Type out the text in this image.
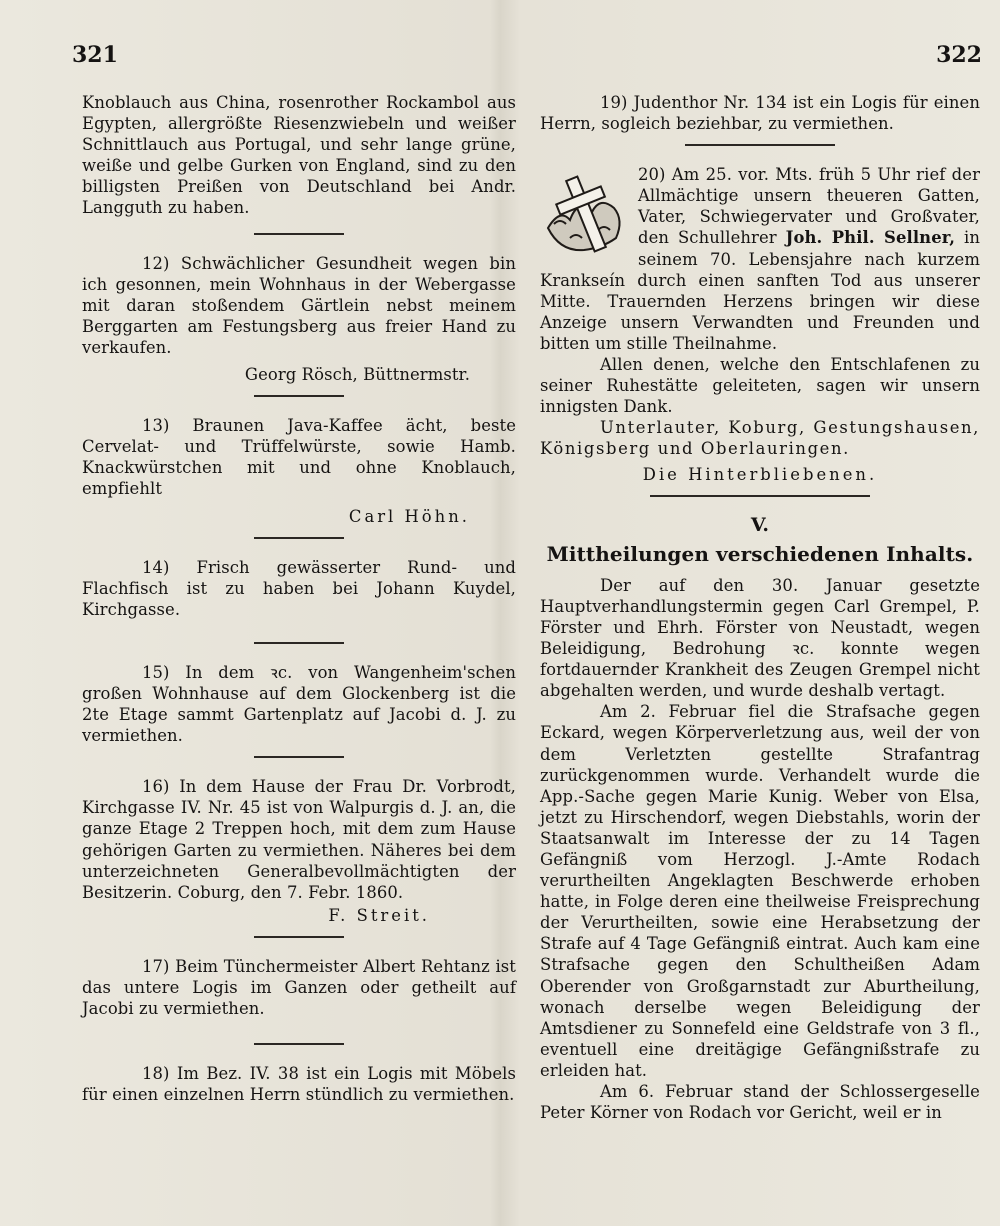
321	322

Knoblauch aus China, rosenrother Rockambol aus Egypten, allergrößte Riesenzwiebeln und weißer Schnittlauch aus Portugal, und sehr lange grüne, weiße und gelbe Gurken von England, sind zu den billigsten Preißen von Deutschland bei Andr. Langguth zu haben.

12) Schwächlicher Gesundheit wegen bin ich gesonnen, mein Wohnhaus in der Webergasse mit daran stoßendem Gärtlein nebst meinem Berggarten am Festungsberg aus freier Hand zu verkaufen.

Georg Rösch, Büttnermstr.

13) Braunen Java-Kaffee ächt, beste Cervelat- und Trüffelwürste, sowie Hamb. Knackwürstchen mit und ohne Knoblauch, empfiehlt

Carl Höhn.

14) Frisch gewässerter Rund- und Flachfisch ist zu haben bei Johann Kuydel, Kirchgasse.

15) In dem ꝛc. von Wangenheim'schen großen Wohnhause auf dem Glockenberg ist die 2te Etage sammt Gartenplatz auf Jacobi d. J. zu vermiethen.

16) In dem Hause der Frau Dr. Vorbrodt, Kirchgasse IV. Nr. 45 ist von Walpurgis d. J. an, die ganze Etage 2 Treppen hoch, mit dem zum Hause gehörigen Garten zu vermiethen. Näheres bei dem unterzeichneten Generalbevollmächtigten der Besitzerin. Coburg, den 7. Febr. 1860.

F. Streit.

17) Beim Tünchermeister Albert Rehtanz ist das untere Logis im Ganzen oder getheilt auf Jacobi zu vermiethen.

18) Im Bez. IV. 38 ist ein Logis mit Möbels für einen einzelnen Herrn stündlich zu vermiethen.

19) Judenthor Nr. 134 ist ein Logis für einen Herrn, sogleich beziehbar, zu vermiethen.

20) Am 25. vor. Mts. früh 5 Uhr rief der Allmächtige unsern theueren Gatten, Vater, Schwiegervater und Großvater, den Schullehrer Joh. Phil. Sellner, in seinem 70. Lebensjahre nach kurzem Krankseín durch einen sanften Tod aus unserer Mitte. Trauernden Herzens bringen wir diese Anzeige unsern Verwandten und Freunden und bitten um stille Theilnahme.

Allen denen, welche den Entschlafenen zu seiner Ruhestätte geleiteten, sagen wir unsern innigsten Dank.

Unterlauter, Koburg, Gestungshausen, Königsberg und Oberlauringen.

Die Hinterbliebenen.

V.
Mittheilungen verschiedenen Inhalts.

Der auf den 30. Januar gesetzte Hauptverhandlungstermin gegen Carl Grempel, P. Förster und Ehrh. Förster von Neustadt, wegen Beleidigung, Bedrohung ꝛc. konnte wegen fortdauernder Krankheit des Zeugen Grempel nicht abgehalten werden, und wurde deshalb vertagt.

Am 2. Februar fiel die Strafsache gegen Eckard, wegen Körperverletzung aus, weil der von dem Verletzten gestellte Strafantrag zurückgenommen wurde. Verhandelt wurde die App.-Sache gegen Marie Kunig. Weber von Elsa, jetzt zu Hirschendorf, wegen Diebstahls, worin der Staatsanwalt im Interesse der zu 14 Tagen Gefängniß vom Herzogl. J.-Amte Rodach verurtheilten Angeklagten Beschwerde erhoben hatte, in Folge deren eine theilweise Freisprechung der Verurtheilten, sowie eine Herabsetzung der Strafe auf 4 Tage Gefängniß eintrat. Auch kam eine Strafsache gegen den Schultheißen Adam Oberender von Großgarnstadt zur Aburtheilung, wonach derselbe wegen Beleidigung der Amtsdiener zu Sonnefeld eine Geldstrafe von 3 fl., eventuell eine dreitägige Gefängnißstrafe zu erleiden hat.

Am 6. Februar stand der Schlossergeselle Peter Körner von Rodach vor Gericht, weil er in
